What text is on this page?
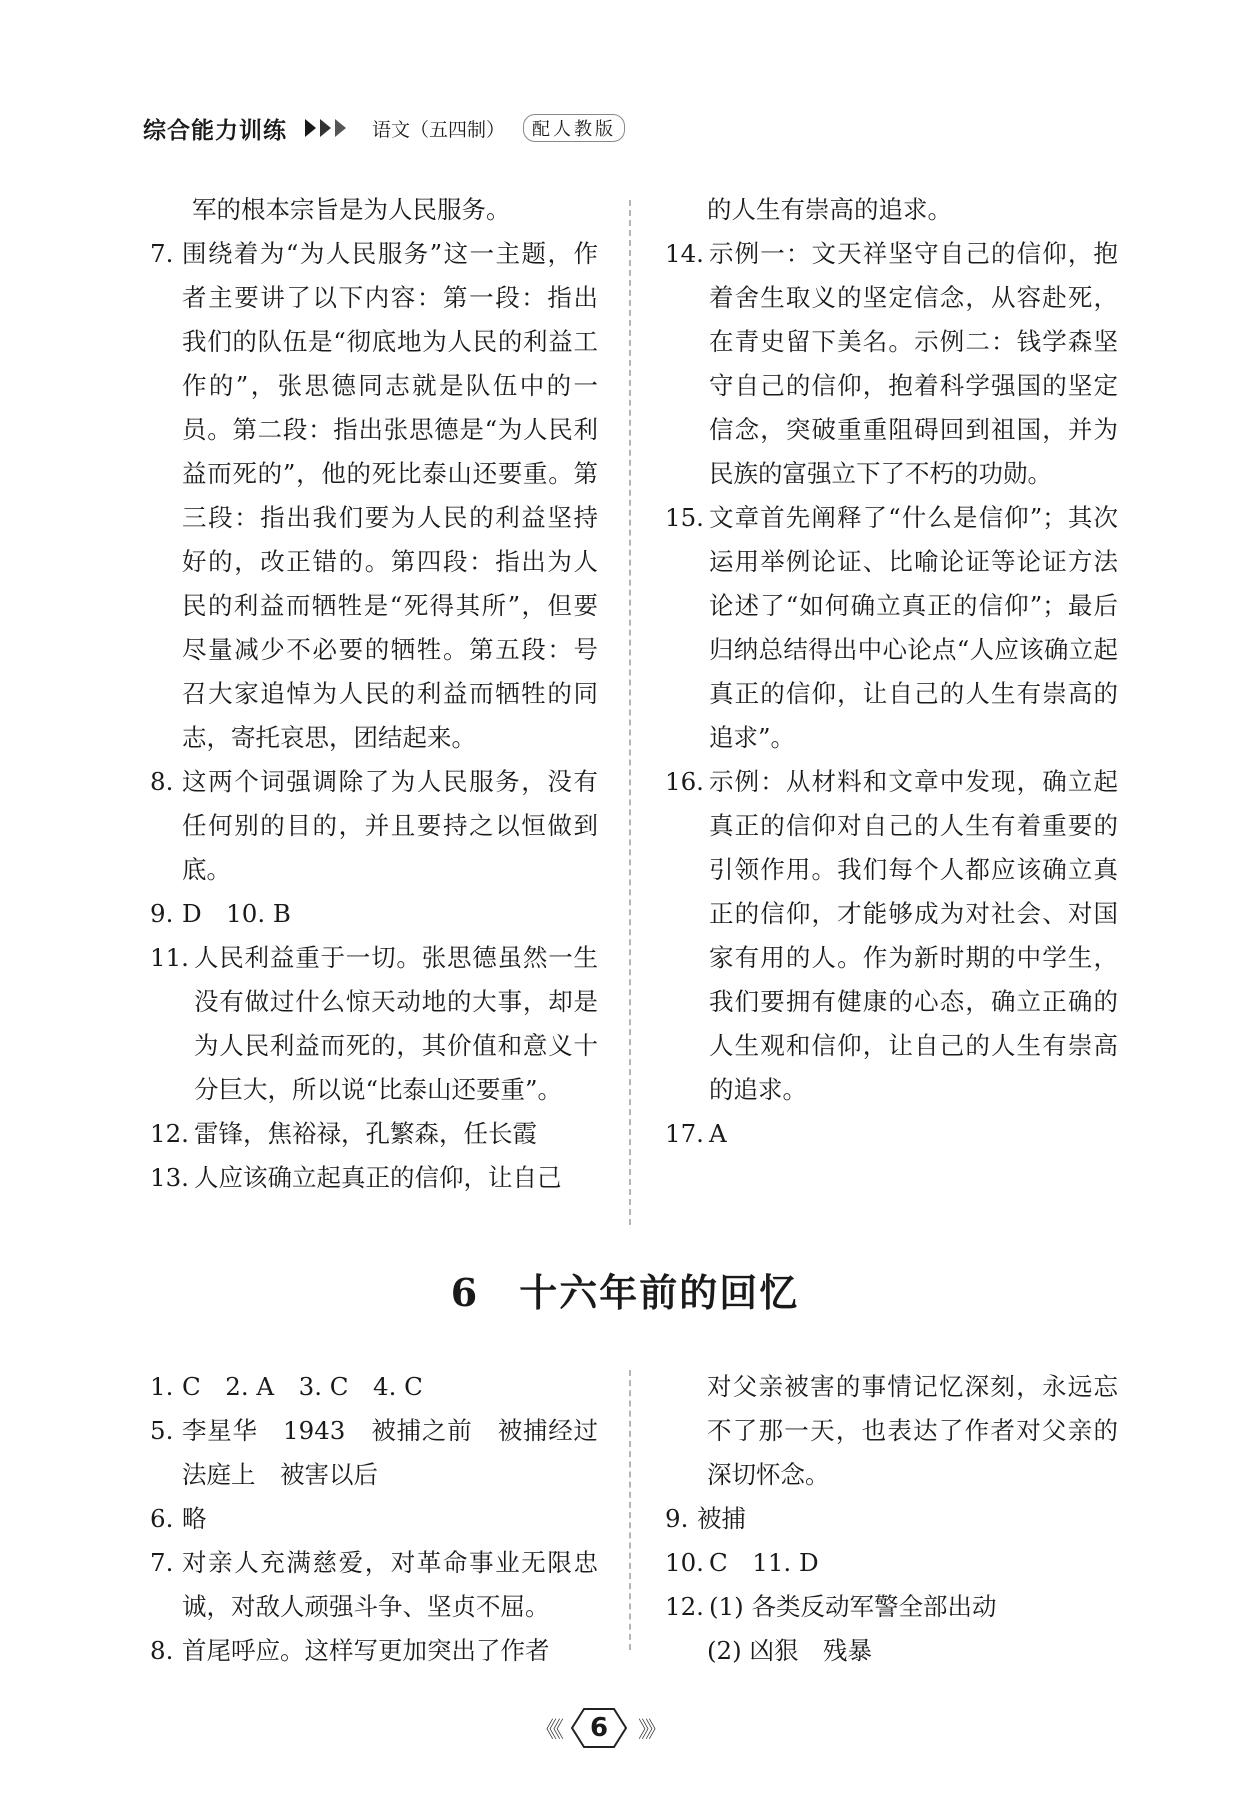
综合能力训练	语文（五四制）	配人教版
军的根本宗旨是为人民服务。
7. 围绕着为“为人民服务”这一主题，作者主要讲了以下内容：第一段：指出我们的队伍是“彻底地为人民的利益工作的”，张思德同志就是队伍中的一员。第二段：指出张思德是“为人民利益而死的”，他的死比泰山还要重。第三段：指出我们要为人民的利益坚持好的，改正错的。第四段：指出为人民的利益而牺牲是“死得其所”，但要尽量减少不必要的牺牲。第五段：号召大家追悼为人民的利益而牺牲的同志，寄托哀思，团结起来。
8. 这两个词强调除了为人民服务，没有任何别的目的，并且要持之以恒做到底。
9. D　10. B
11. 人民利益重于一切。张思德虽然一生没有做过什么惊天动地的大事，却是为人民利益而死的，其价值和意义十分巨大，所以说“比泰山还要重”。
12. 雷锋，焦裕禄，孔繁森，任长霞
13. 人应该确立起真正的信仰，让自己
的人生有崇高的追求。
14. 示例一：文天祥坚守自己的信仰，抱着舍生取义的坚定信念，从容赴死，在青史留下美名。示例二：钱学森坚守自己的信仰，抱着科学强国的坚定信念，突破重重阻碍回到祖国，并为民族的富强立下了不朽的功勋。
15. 文章首先阐释了“什么是信仰”；其次运用举例论证、比喻论证等论证方法论述了“如何确立真正的信仰”；最后归纳总结得出中心论点“人应该确立起真正的信仰，让自己的人生有崇高的追求”。
16. 示例：从材料和文章中发现，确立起真正的信仰对自己的人生有着重要的引领作用。我们每个人都应该确立真正的信仰，才能够成为对社会、对国家有用的人。作为新时期的中学生，我们要拥有健康的心态，确立正确的人生观和信仰，让自己的人生有崇高的追求。
17. A
6 十六年前的回忆
1. C　2. A　3. C　4. C
5. 李星华　1943　被捕之前　被捕经过　法庭上　被害以后
6. 略
7. 对亲人充满慈爱，对革命事业无限忠诚，对敌人顽强斗争、坚贞不屈。
8. 首尾呼应。这样写更加突出了作者
对父亲被害的事情记忆深刻，永远忘不了那一天，也表达了作者对父亲的深切怀念。
9. 被捕
10. C　11. D
12. (1) 各类反动军警全部出动
(2) 凶狠　残暴
《《 6 》》
